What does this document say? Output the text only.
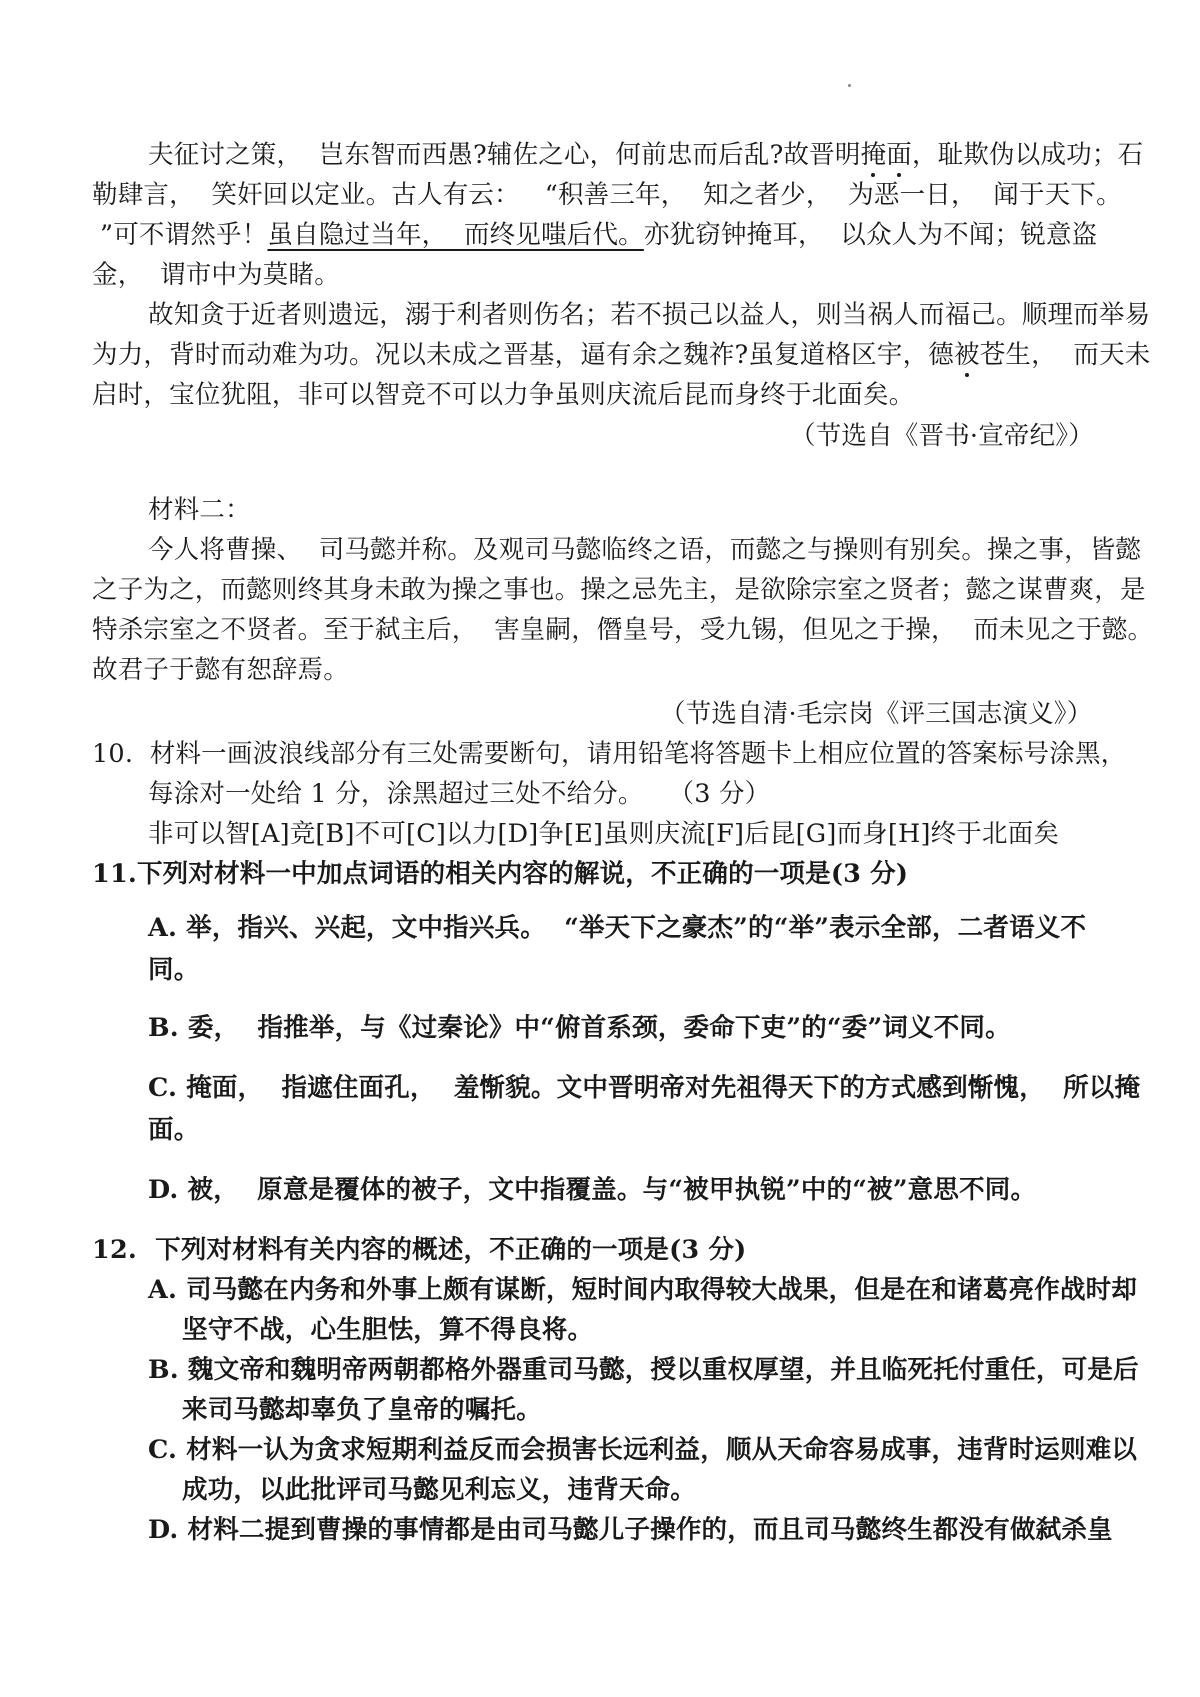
夫征讨之策，  岂东智而西愚?辅佐之心，何前忠而后乱?故晋明掩面，耻欺伪以成功；石
勒肆言，  笑奸回以定业。古人有云：   “积善三年，  知之者少，  为恶一日，  闻于天下。
”可不谓然乎！虽自隐过当年，  而终见嗤后代。亦犹窃钟掩耳，  以众人为不闻；锐意盗
金，  谓市中为莫睹。
故知贪于近者则遗远，溺于利者则伤名；若不损己以益人，则当祸人而福己。顺理而举易
为力，背时而动难为功。况以未成之晋基，逼有余之魏祚?虽复道格区宇，德被苍生，  而天未
启时，宝位犹阻，非可以智竞不可以力争虽则庆流后昆而身终于北面矣。
（节选自《晋书·宣帝纪》）
材料二：
今人将曹操、  司马懿并称。及观司马懿临终之语，而懿之与操则有别矣。操之事，皆懿
之子为之，而懿则终其身未敢为操之事也。操之忌先主，是欲除宗室之贤者；懿之谋曹爽，是
特杀宗室之不贤者。至于弑主后，  害皇嗣，僭皇号，受九锡，但见之于操，  而未见之于懿。
故君子于懿有恕辞焉。
（节选自清·毛宗岗《评三国志演义》）
10.  材料一画波浪线部分有三处需要断句，请用铅笔将答题卡上相应位置的答案标号涂黑，
每涂对一处给 1 分，涂黑超过三处不给分。   （3 分）
非可以智[A]竞[B]不可[C]以力[D]争[E]虽则庆流[F]后昆[G]而身[H]终于北面矣
11.下列对材料一中加点词语的相关内容的解说，不正确的一项是(3 分)
A. 举，指兴、兴起，文中指兴兵。  “举天下之豪杰”的“举”表示全部，二者语义不
同。
B. 委，  指推举，与《过秦论》中“俯首系颈，委命下吏”的“委”词义不同。
C. 掩面，  指遮住面孔，  羞惭貌。文中晋明帝对先祖得天下的方式感到惭愧，  所以掩
面。
D. 被，  原意是覆体的被子，文中指覆盖。与“被甲执锐”中的“被”意思不同。
12.  下列对材料有关内容的概述，不正确的一项是(3 分)
A. 司马懿在内务和外事上颇有谋断，短时间内取得较大战果，但是在和诸葛亮作战时却
坚守不战，心生胆怯，算不得良将。
B. 魏文帝和魏明帝两朝都格外器重司马懿，授以重权厚望，并且临死托付重任，可是后
来司马懿却辜负了皇帝的嘱托。
C. 材料一认为贪求短期利益反而会损害长远利益，顺从天命容易成事，违背时运则难以
成功，以此批评司马懿见利忘义，违背天命。
D. 材料二提到曹操的事情都是由司马懿儿子操作的，而且司马懿终生都没有做弑杀皇
